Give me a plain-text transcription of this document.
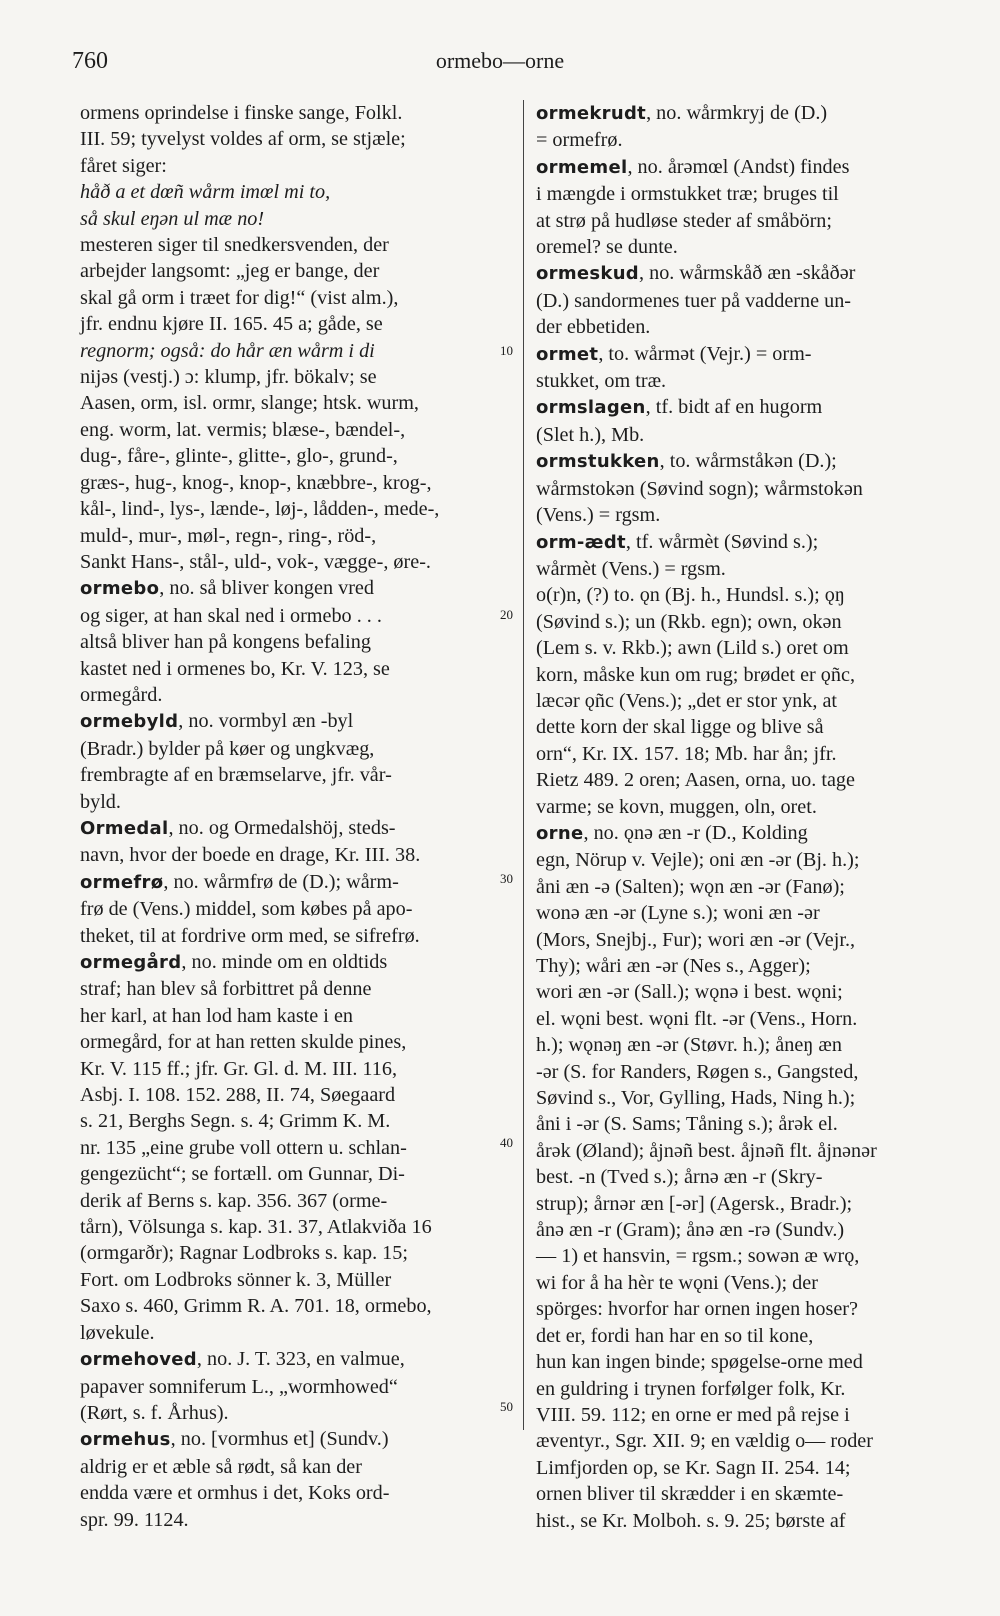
760	ormebo—orne
ormens oprindelse i finske sange, Folkl.
III. 59; tyvelyst voldes af orm, se stjæle;
fåret siger:
håð a et dœñ wårm imœl mi to,
så skul eŋən ul mæ no!
mesteren siger til snedkersvenden, der
arbejder langsomt: „jeg er bange, der
skal gå orm i træet for dig!“ (vist alm.),
jfr. endnu kjøre II. 165. 45 a; gåde, se
regnorm; også: do hår æn wårm i di
nijəs (vestj.) ɔ: klump, jfr. bökalv; se
Aasen, orm, isl. ormr, slange; htsk. wurm,
eng. worm, lat. vermis; blæse-, bændel-,
dug-, fåre-, glinte-, glitte-, glo-, grund-,
græs-, hug-, knog-, knop-, knæbbre-, krog-,
kål-, lind-, lys-, lænde-, løj-, lådden-, mede-,
muld-, mur-, møl-, regn-, ring-, röd-,
Sankt Hans-, stål-, uld-, vok-, vægge-, øre-.
ormebo, no. så bliver kongen vred
og siger, at han skal ned i ormebo . . .
altså bliver han på kongens befaling
kastet ned i ormenes bo, Kr. V. 123, se
ormegård.
ormebyld, no. vormbyl æn -byl
(Bradr.) bylder på køer og ungkvæg,
frembragte af en bræmselarve, jfr. vår-
byld.
Ormedal, no. og Ormedalshöj, steds-
navn, hvor der boede en drage, Kr. III. 38.
ormefrø, no. wårmfrø de (D.); wårm-
frø de (Vens.) middel, som købes på apo-
theket, til at fordrive orm med, se sifrefrø.
ormegård, no. minde om en oldtids
straf; han blev så forbittret på denne
her karl, at han lod ham kaste i en
ormegård, for at han retten skulde pines,
Kr. V. 115 ff.; jfr. Gr. Gl. d. M. III. 116,
Asbj. I. 108. 152. 288, II. 74, Søegaard
s. 21, Berghs Segn. s. 4; Grimm K. M.
nr. 135 „eine grube voll ottern u. schlan-
gengezücht“; se fortæll. om Gunnar, Di-
derik af Berns s. kap. 356. 367 (orme-
tårn), Völsunga s. kap. 31. 37, Atlakviða 16
(ormgarðr); Ragnar Lodbroks s. kap. 15;
Fort. om Lodbroks sönner k. 3, Müller
Saxo s. 460, Grimm R. A. 701. 18, ormebo,
løvekule.
ormehoved, no. J. T. 323, en valmue,
papaver somniferum L., „wormhowed“
(Rørt, s. f. Århus).
ormehus, no. [vormhus et] (Sundv.)
aldrig er et æble så rødt, så kan der
endda være et ormhus i det, Koks ord-
spr. 99. 1124.
10
20
30
40
50
ormekrudt, no. wårmkryj de (D.)
= ormefrø.
ormemel, no. årəmœl (Andst) findes
i mængde i ormstukket træ; bruges til
at strø på hudløse steder af småbörn;
oremel? se dunte.
ormeskud, no. wårmskåð æn -skåðər
(D.) sandormenes tuer på vadderne un-
der ebbetiden.
ormet, to. wårmət (Vejr.) = orm-
stukket, om træ.
ormslagen, tf. bidt af en hugorm
(Slet h.), Mb.
ormstukken, to. wårmståkən (D.);
wårmstokən (Søvind sogn); wårmstokən
(Vens.) = rgsm.
orm-ædt, tf. wårmèt (Søvind s.);
wårmèt (Vens.) = rgsm.
o(r)n, (?) to. ǫn (Bj. h., Hundsl. s.); ǫŋ
(Søvind s.); un (Rkb. egn); own, okən
(Lem s. v. Rkb.); awn (Lild s.) oret om
korn, måske kun om rug; brødet er ǫñc,
læcər ǫñc (Vens.); „det er stor ynk, at
dette korn der skal ligge og blive så
orn“, Kr. IX. 157. 18; Mb. har ån; jfr.
Rietz 489. 2 oren; Aasen, orna, uo. tage
varme; se kovn, muggen, oln, oret.
orne, no. ǫnə æn -r (D., Kolding
egn, Nörup v. Vejle); oni æn -ər (Bj. h.);
åni æn -ə (Salten); wǫn æn -ər (Fanø);
wonə æn -ər (Lyne s.); woni æn -ər
(Mors, Snejbj., Fur); wori æn -ər (Vejr.,
Thy); wåri æn -ər (Nes s., Agger);
wori æn -ər (Sall.); wǫnə i best. wǫni;
el. wǫni best. wǫni flt. -ər (Vens., Horn.
h.); wǫnəŋ æn -ər (Støvr. h.); åneŋ æn
-ər (S. for Randers, Røgen s., Gangsted,
Søvind s., Vor, Gylling, Hads, Ning h.);
åni i -ər (S. Sams; Tåning s.); årək el.
årək (Øland); åjnəñ best. åjnəñ flt. åjnənər
best. -n (Tved s.); årnə æn -r (Skry-
strup); årnər æn [-ər] (Agersk., Bradr.);
ånə æn -r (Gram); ånə æn -rə (Sundv.)
— 1) et hansvin, = rgsm.; sowən æ wrǫ,
wi for å ha hèr te wǫni (Vens.); der
spörges: hvorfor har ornen ingen hoser?
det er, fordi han har en so til kone,
hun kan ingen binde; spøgelse-orne med
en guldring i trynen forfølger folk, Kr.
VIII. 59. 112; en orne er med på rejse i
æventyr., Sgr. XII. 9; en vældig o— roder
Limfjorden op, se Kr. Sagn II. 254. 14;
ornen bliver til skrædder i en skæmte-
hist., se Kr. Molboh. s. 9. 25; børste af
